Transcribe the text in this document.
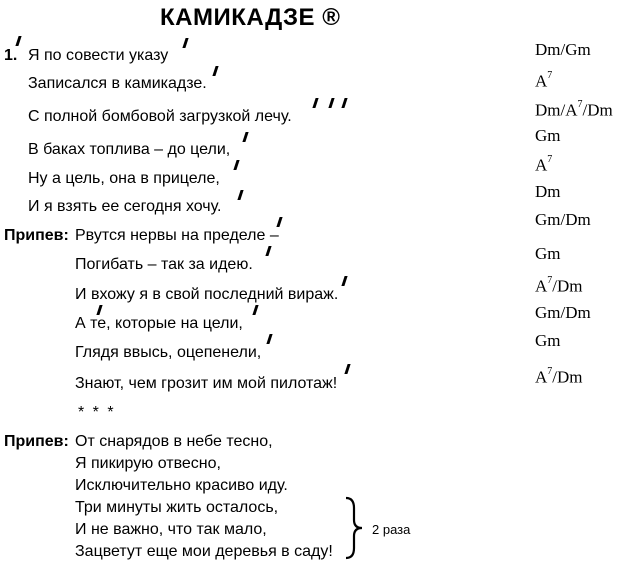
КАМИКАДЗЕ ®
1. Я по совести указу
Записался в камикадзе.
С полной бомбовой загрузкой лечу.
В баках топлива – до цели,
Ну а цель, она в прицеле,
И я взять ее сегодня хочу.
Припев: Рвутся нервы на пределе –
Погибать – так за идею.
И вхожу я в свой последний вираж.
А те, которые на цели,
Глядя ввысь, оцепенели,
Знают, чем грозит им мой пилотаж!
* * *
Припев: От снарядов в небе тесно,
Я пикирую отвесно,
Исключительно красиво иду.
Три минуты жить осталось,
И не важно, что так мало,
Зацветут еще мои деревья в саду!
2 раза
Dm/Gm
$A^7$
$Dm/A^7/Dm$
Gm
$A^7$
Dm
Gm/Dm
Gm
$A^7/Dm$
Gm/Dm
Gm
$A^7/Dm$
